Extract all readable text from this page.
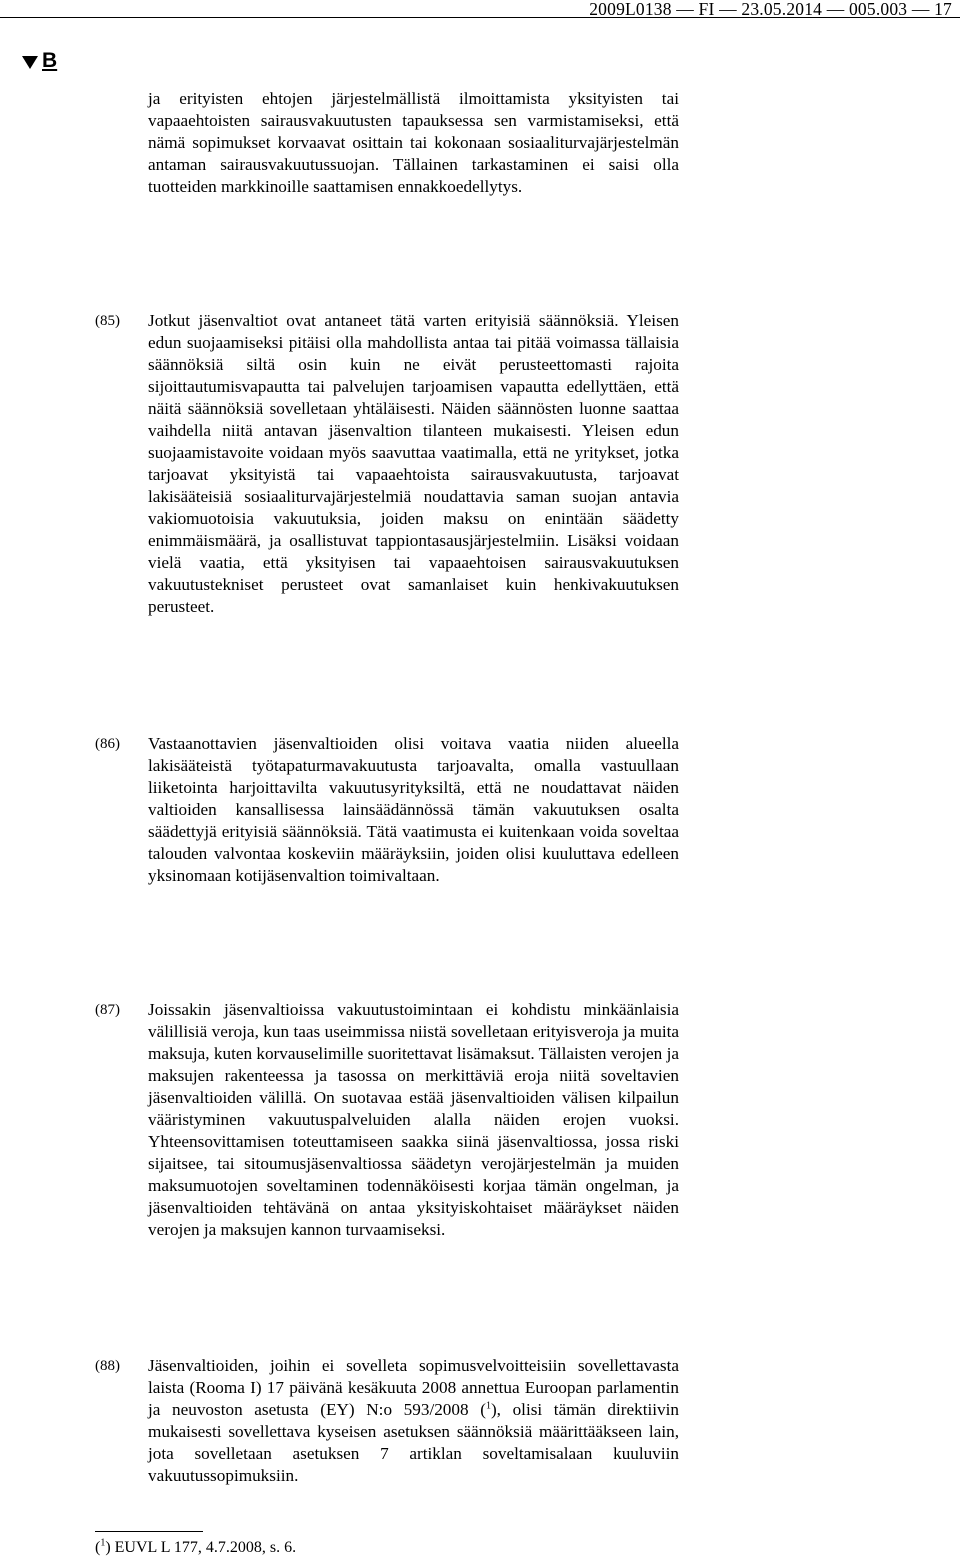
2009L0138 — FI — 23.05.2014 — 005.003 — 17
B
ja erityisten ehtojen järjestelmällistä ilmoittamista yksityisten tai vapaaehtoisten sairausvakuutusten tapauksessa sen varmistamiseksi, että nämä sopimukset korvaavat osittain tai kokonaan sosiaaliturvajärjestelmän antaman sairausvakuutussuojan. Tällainen tarkastaminen ei saisi olla tuotteiden markkinoille saattamisen ennakkoedellytys.
(85) Jotkut jäsenvaltiot ovat antaneet tätä varten erityisiä säännöksiä. Yleisen edun suojaamiseksi pitäisi olla mahdollista antaa tai pitää voimassa tällaisia säännöksiä siltä osin kuin ne eivät perusteettomasti rajoita sijoittautumisvapautta tai palvelujen tarjoamisen vapautta edellyttäen, että näitä säännöksiä sovelletaan yhtäläisesti. Näiden säännösten luonne saattaa vaihdella niitä antavan jäsenvaltion tilanteen mukaisesti. Yleisen edun suojaamistavoite voidaan myös saavuttaa vaatimalla, että ne yritykset, jotka tarjoavat yksityistä tai vapaaehtoista sairausvakuutusta, tarjoavat lakisääteisiä sosiaaliturvajärjestelmiä noudattavia saman suojan antavia vakiomuotoisia vakuutuksia, joiden maksu on enintään säädetty enimmäismäärä, ja osallistuvat tappiontasausjärjestelmiin. Lisäksi voidaan vielä vaatia, että yksityisen tai vapaaehtoisen sairausvakuutuksen vakuutustekniset perusteet ovat samanlaiset kuin henkivakuutuksen perusteet.
(86) Vastaanottavien jäsenvaltioiden olisi voitava vaatia niiden alueella lakisääteistä työtapaturmavakuutusta tarjoavalta, omalla vastuullaan liiketointa harjoittavilta vakuutusyrityksiltä, että ne noudattavat näiden valtioiden kansallisessa lainsäädännössä tämän vakuutuksen osalta säädettyjä erityisiä säännöksiä. Tätä vaatimusta ei kuitenkaan voida soveltaa talouden valvontaa koskeviin määräyksiin, joiden olisi kuuluttava edelleen yksinomaan kotijäsenvaltion toimivaltaan.
(87) Joissakin jäsenvaltioissa vakuutustoimintaan ei kohdistu minkäänlaisia välillisiä veroja, kun taas useimmissa niistä sovelletaan erityisveroja ja muita maksuja, kuten korvauselimille suoritettavat lisämaksut. Tällaisten verojen ja maksujen rakenteessa ja tasossa on merkittäviä eroja niitä soveltavien jäsenvaltioiden välillä. On suotavaa estää jäsenvaltioiden välisen kilpailun vääristyminen vakuutuspalveluiden alalla näiden erojen vuoksi. Yhteensovittamisen toteuttamiseen saakka siinä jäsenvaltiossa, jossa riski sijaitsee, tai sitoumusjäsenvaltiossa säädetyn verojärjestelmän ja muiden maksumuotojen soveltaminen todennäköisesti korjaa tämän ongelman, ja jäsenvaltioiden tehtävänä on antaa yksityiskohtaiset määräykset näiden verojen ja maksujen kannon turvaamiseksi.
(88) Jäsenvaltioiden, joihin ei sovelleta sopimusvelvoitteisiin sovellettavasta laista (Rooma I) 17 päivänä kesäkuuta 2008 annettua Euroopan parlamentin ja neuvoston asetusta (EY) N:o 593/2008 ($^1$), olisi tämän direktiivin mukaisesti sovellettava kyseisen asetuksen säännöksiä määrittääkseen lain, jota sovelletaan asetuksen 7 artiklan soveltamisalaan kuuluviin vakuutussopimuksiin.
($^1$) EUVL L 177, 4.7.2008, s. 6.
